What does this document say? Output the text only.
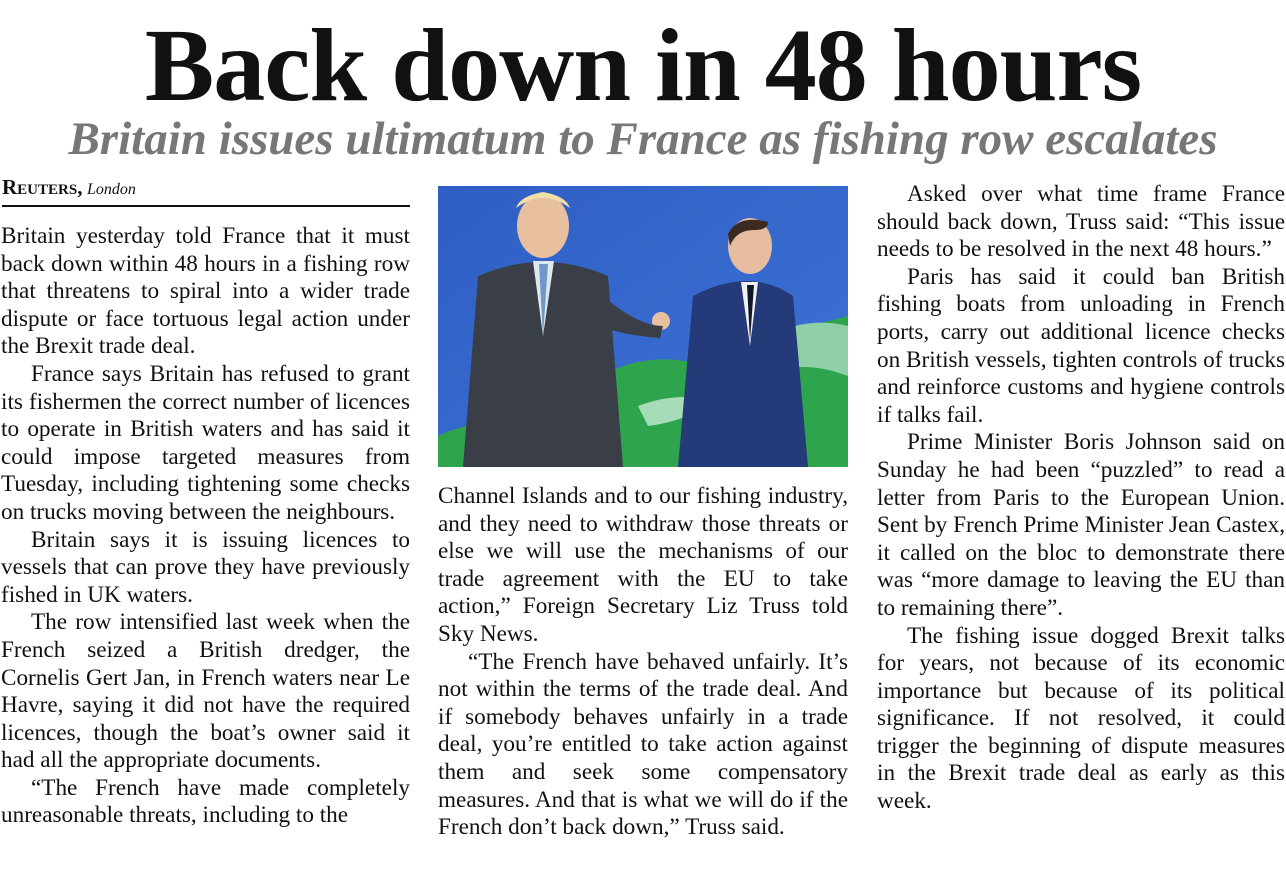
Back down in 48 hours
Britain issues ultimatum to France as fishing row escalates
Reuters, London

Britain yesterday told France that it must back down within 48 hours in a fishing row that threatens to spiral into a wider trade dispute or face tortuous legal action under the Brexit trade deal.

France says Britain has refused to grant its fishermen the correct number of licences to operate in British waters and has said it could impose targeted measures from Tuesday, including tightening some checks on trucks moving between the neighbours.

Britain says it is issuing licences to vessels that can prove they have previously fished in UK waters.

The row intensified last week when the French seized a British dredger, the Cornelis Gert Jan, in French waters near Le Havre, saying it did not have the required licences, though the boat’s owner said it had all the appropriate documents.

“The French have made completely unreasonable threats, including to the

Channel Islands and to our fishing industry, and they need to withdraw those threats or else we will use the mechanisms of our trade agreement with the EU to take action,” Foreign Secretary Liz Truss told Sky News.

“The French have behaved unfairly. It’s not within the terms of the trade deal. And if somebody behaves unfairly in a trade deal, you’re entitled to take action against them and seek some compensatory measures. And that is what we will do if the French don’t back down,” Truss said.

Asked over what time frame France should back down, Truss said: “This issue needs to be resolved in the next 48 hours.”

Paris has said it could ban British fishing boats from unloading in French ports, carry out additional licence checks on British vessels, tighten controls of trucks and reinforce customs and hygiene controls if talks fail.

Prime Minister Boris Johnson said on Sunday he had been “puzzled” to read a letter from Paris to the European Union. Sent by French Prime Minister Jean Castex, it called on the bloc to demonstrate there was “more damage to leaving the EU than to remaining there”.

The fishing issue dogged Brexit talks for years, not because of its economic importance but because of its political significance. If not resolved, it could trigger the beginning of dispute measures in the Brexit trade deal as early as this week.
